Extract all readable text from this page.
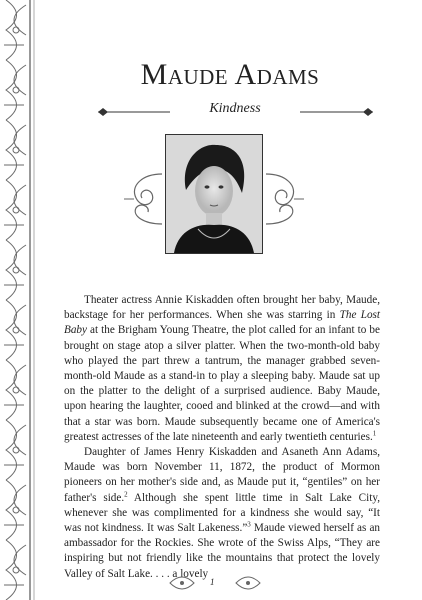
Maude Adams
Kindness

Theater actress Annie Kiskadden often brought her baby, Maude, backstage for her performances. When she was starring in The Lost Baby at the Brigham Young Theatre, the plot called for an infant to be brought on stage atop a silver platter. When the two-month-old baby who played the part threw a tantrum, the manager grabbed seven-month-old Maude as a stand-in to play a sleeping baby. Maude sat up on the platter to the delight of a surprised audience. Baby Maude, upon hearing the laughter, cooed and blinked at the crowd—and with that a star was born. Maude subsequently became one of America's greatest actresses of the late nineteenth and early twentieth centuries.$^1$

Daughter of James Henry Kiskadden and Asaneth Ann Adams, Maude was born November 11, 1872, the product of Mormon pioneers on her mother's side and, as Maude put it, “gentiles” on her father's side.$^2$ Although she spent little time in Salt Lake City, whenever she was complimented for a kindness she would say, “It was not kindness. It was Salt Lakeness.”$^3$ Maude viewed herself as an ambassador for the Rockies. She wrote of the Swiss Alps, “They are inspiring but not friendly like the mountains that protect the lovely Valley of Salt Lake. . . . a lovely

1
